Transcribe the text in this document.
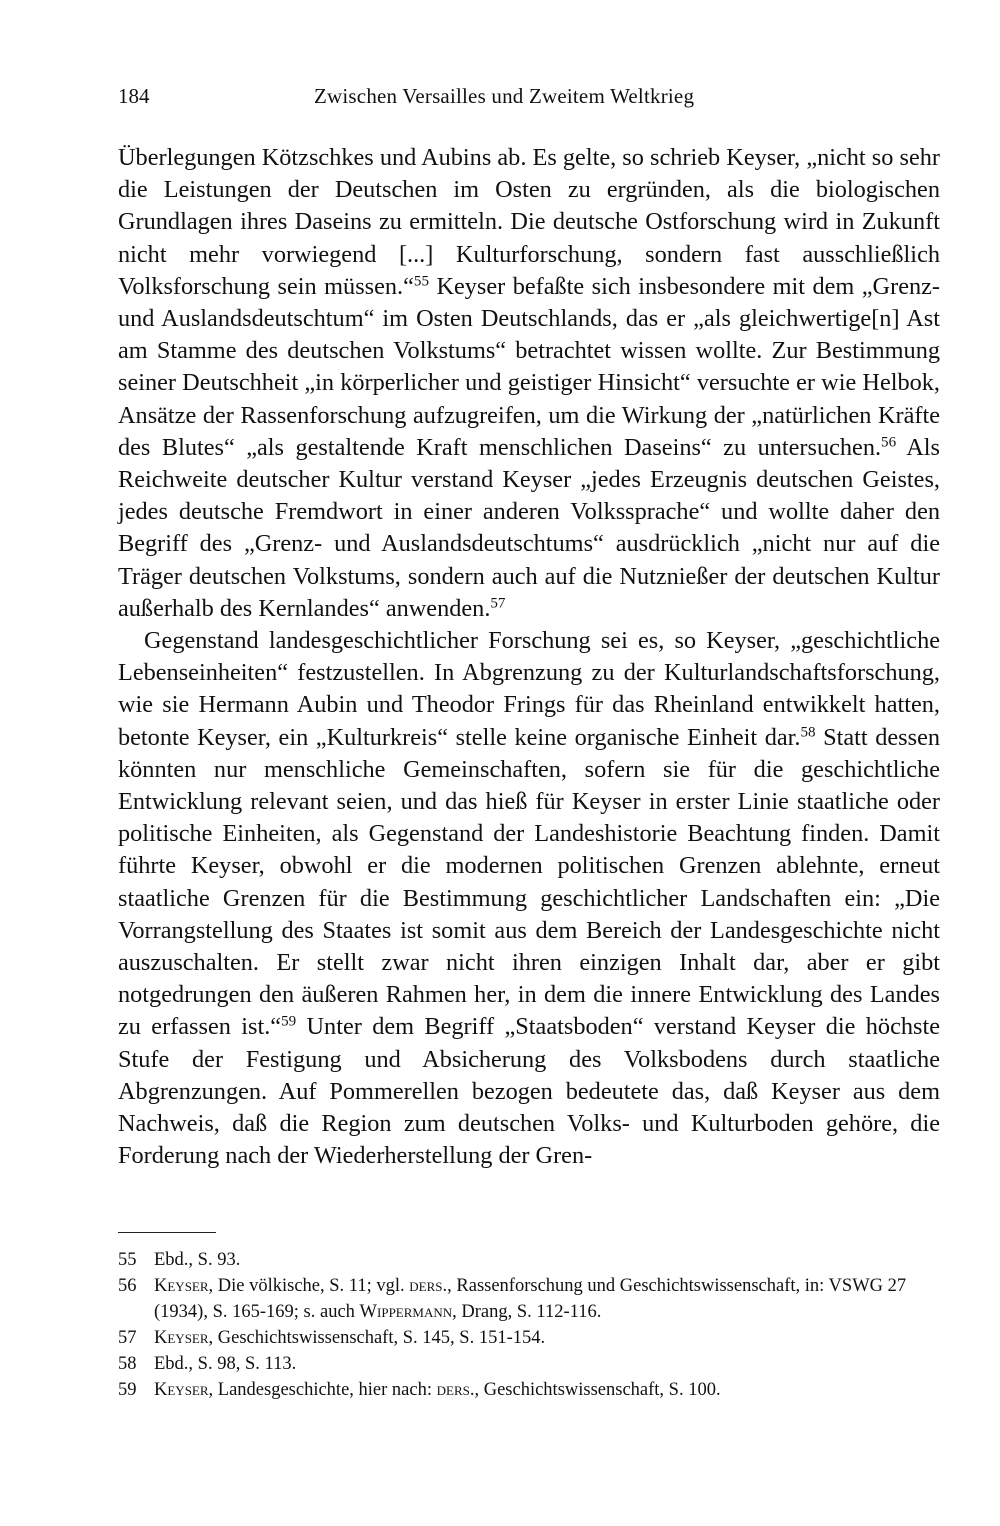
184	Zwischen Versailles und Zweitem Weltkrieg

Überlegungen Kötzschkes und Aubins ab. Es gelte, so schrieb Keyser, „nicht so sehr die Leistungen der Deutschen im Osten zu ergründen, als die biologischen Grundlagen ihres Daseins zu ermitteln. Die deutsche Ostforschung wird in Zukunft nicht mehr vorwiegend [...] Kulturforschung, sondern fast ausschließlich Volksforschung sein müssen.“$^{55}$ Keyser befaßte sich insbesondere mit dem „Grenz- und Auslandsdeutschtum“ im Osten Deutschlands, das er „als gleichwertige[n] Ast am Stamme des deutschen Volkstums“ betrachtet wissen wollte. Zur Bestimmung seiner Deutschheit „in körperlicher und geistiger Hinsicht“ versuchte er wie Helbok, Ansätze der Rassenforschung aufzugreifen, um die Wirkung der „natürlichen Kräfte des Blutes“ „als gestaltende Kraft menschlichen Daseins“ zu untersuchen.$^{56}$ Als Reichweite deutscher Kultur verstand Keyser „jedes Erzeugnis deutschen Geistes, jedes deutsche Fremdwort in einer anderen Volkssprache“ und wollte daher den Begriff des „Grenz- und Auslandsdeutschtums“ ausdrücklich „nicht nur auf die Träger deutschen Volkstums, sondern auch auf die Nutznießer der deutschen Kultur außerhalb des Kernlandes“ anwenden.$^{57}$

Gegenstand landesgeschichtlicher Forschung sei es, so Keyser, „geschichtliche Lebenseinheiten“ festzustellen. In Abgrenzung zu der Kulturlandschaftsforschung, wie sie Hermann Aubin und Theodor Frings für das Rheinland entwikkelt hatten, betonte Keyser, ein „Kulturkreis“ stelle keine organische Einheit dar.$^{58}$ Statt dessen könnten nur menschliche Gemeinschaften, sofern sie für die geschichtliche Entwicklung relevant seien, und das hieß für Keyser in erster Linie staatliche oder politische Einheiten, als Gegenstand der Landeshistorie Beachtung finden. Damit führte Keyser, obwohl er die modernen politischen Grenzen ablehnte, erneut staatliche Grenzen für die Bestimmung geschichtlicher Landschaften ein: „Die Vorrangstellung des Staates ist somit aus dem Bereich der Landesgeschichte nicht auszuschalten. Er stellt zwar nicht ihren einzigen Inhalt dar, aber er gibt notgedrungen den äußeren Rahmen her, in dem die innere Entwicklung des Landes zu erfassen ist.“$^{59}$ Unter dem Begriff „Staatsboden“ verstand Keyser die höchste Stufe der Festigung und Absicherung des Volksbodens durch staatliche Abgrenzungen. Auf Pommerellen bezogen bedeutete das, daß Keyser aus dem Nachweis, daß die Region zum deutschen Volks- und Kulturboden gehöre, die Forderung nach der Wiederherstellung der Gren-

55 Ebd., S. 93.
56 Keyser, Die völkische, S. 11; vgl. ders., Rassenforschung und Geschichtswissenschaft, in: VSWG 27 (1934), S. 165-169; s. auch Wippermann, Drang, S. 112-116.
57 Keyser, Geschichtswissenschaft, S. 145, S. 151-154.
58 Ebd., S. 98, S. 113.
59 Keyser, Landesgeschichte, hier nach: ders., Geschichtswissenschaft, S. 100.
